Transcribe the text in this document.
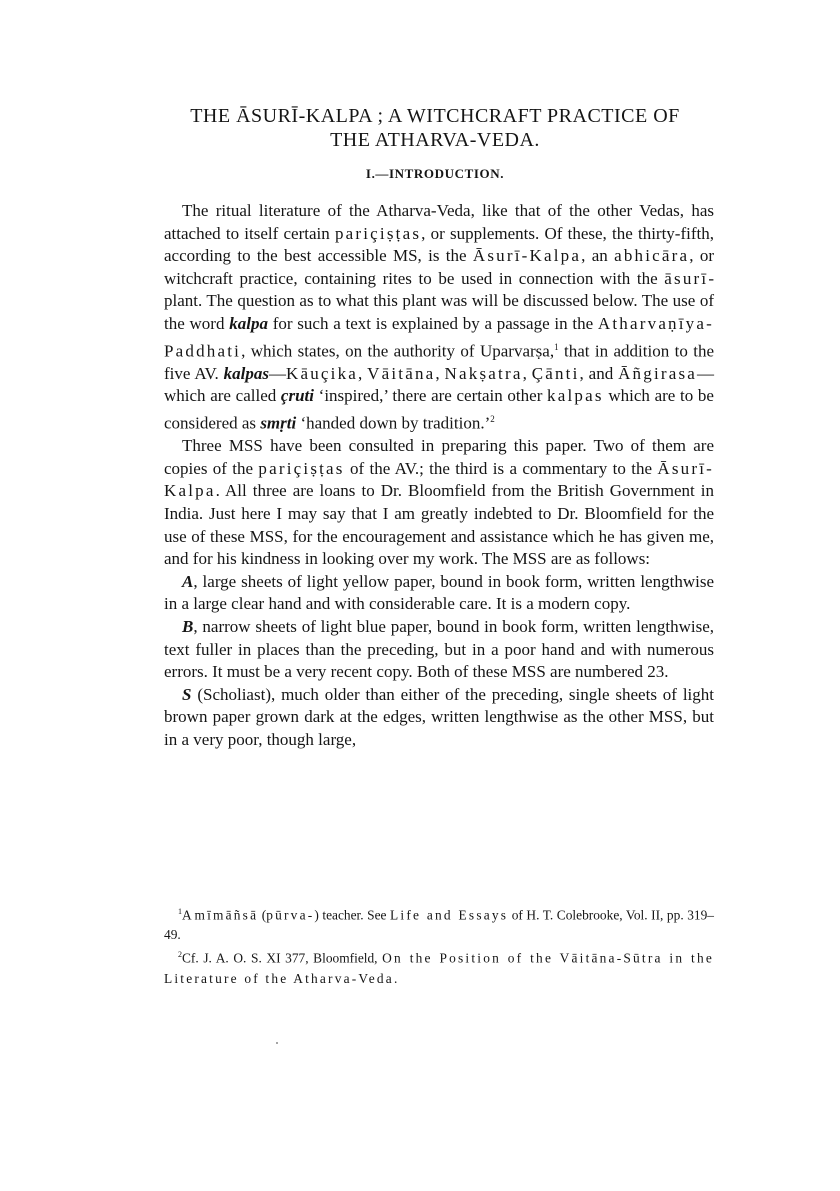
THE ĀSURĪ-KALPA ; A WITCHCRAFT PRACTICE OF
THE ATHARVA-VEDA.
I.—INTRODUCTION.

The ritual literature of the Atharva-Veda, like that of the other Vedas, has attached to itself certain pariçiṣṭas, or supplements. Of these, the thirty-fifth, according to the best accessible MS, is the Āsurī-Kalpa, an abhicāra, or witchcraft practice, containing rites to be used in connection with the āsurī-plant. The question as to what this plant was will be discussed below. The use of the word kalpa for such a text is explained by a passage in the Atharvaṇīya-Paddhati, which states, on the authority of Uparvarṣa,$^1$ that in addition to the five AV. kalpas—Kāuçika, Vāitāna, Nakṣatra, Çānti, and Āñgirasa—which are called çruti ‘inspired,’ there are certain other kalpas which are to be considered as smṛti ‘handed down by tradition.’$^2$

Three MSS have been consulted in preparing this paper. Two of them are copies of the pariçiṣṭas of the AV.; the third is a commentary to the Āsurī-Kalpa. All three are loans to Dr. Bloomfield from the British Government in India. Just here I may say that I am greatly indebted to Dr. Bloomfield for the use of these MSS, for the encouragement and assistance which he has given me, and for his kindness in looking over my work. The MSS are as follows:

A, large sheets of light yellow paper, bound in book form, written lengthwise in a large clear hand and with considerable care. It is a modern copy.

B, narrow sheets of light blue paper, bound in book form, written lengthwise, text fuller in places than the preceding, but in a poor hand and with numerous errors. It must be a very recent copy. Both of these MSS are numbered 23.

S (Scholiast), much older than either of the preceding, single sheets of light brown paper grown dark at the edges, written lengthwise as the other MSS, but in a very poor, though large,

$^1$A mīmāñsā (pūrva-) teacher. See Life and Essays of H. T. Colebrooke, Vol. II, pp. 319–49.

$^2$Cf. J. A. O. S. XI 377, Bloomfield, On the Position of the Vāitāna-Sūtra in the Literature of the Atharva-Veda.
